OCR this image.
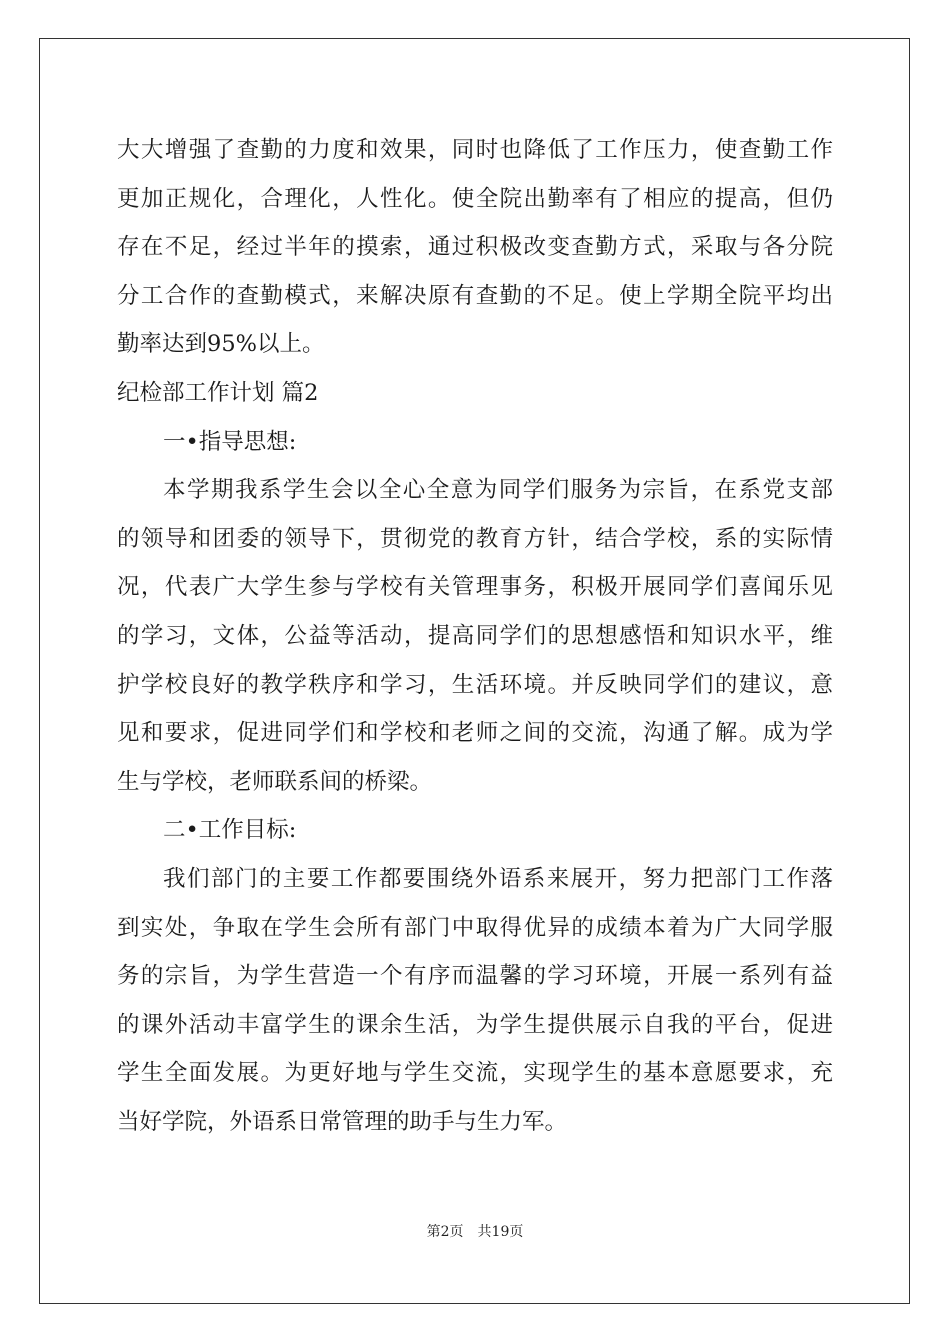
大大增强了查勤的力度和效果，同时也降低了工作压力，使查勤工作
更加正规化，合理化，人性化。使全院出勤率有了相应的提高，但仍
存在不足，经过半年的摸索，通过积极改变查勤方式，采取与各分院
分工合作的查勤模式，来解决原有查勤的不足。使上学期全院平均出
勤率达到95%以上。
纪检部工作计划 篇2
一•指导思想:
本学期我系学生会以全心全意为同学们服务为宗旨，在系党支部
的领导和团委的领导下，贯彻党的教育方针，结合学校，系的实际情
况，代表广大学生参与学校有关管理事务，积极开展同学们喜闻乐见
的学习，文体，公益等活动，提高同学们的思想感悟和知识水平，维
护学校良好的教学秩序和学习，生活环境。并反映同学们的建议，意
见和要求，促进同学们和学校和老师之间的交流，沟通了解。成为学
生与学校，老师联系间的桥梁。
二•工作目标:
我们部门的主要工作都要围绕外语系来展开，努力把部门工作落
到实处，争取在学生会所有部门中取得优异的成绩本着为广大同学服
务的宗旨，为学生营造一个有序而温馨的学习环境，开展一系列有益
的课外活动丰富学生的课余生活，为学生提供展示自我的平台，促进
学生全面发展。为更好地与学生交流，实现学生的基本意愿要求，充
当好学院，外语系日常管理的助手与生力军。
第2页 共19页
